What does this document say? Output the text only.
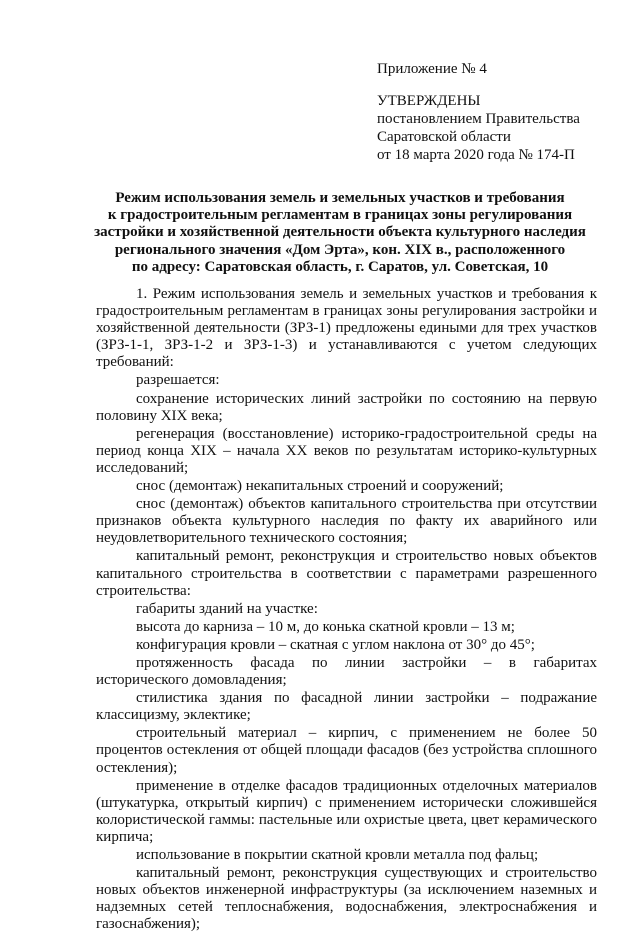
Приложение № 4
УТВЕРЖДЕНЫ
постановлением Правительства
Саратовской области
от 18 марта 2020 года № 174-П
Режим использования земель и земельных участков и требования
к градостроительным регламентам в границах зоны регулирования
застройки и хозяйственной деятельности объекта культурного наследия
регионального значения «Дом Эрта», кон. XIX в., расположенного
по адресу: Саратовская область, г. Саратов, ул. Советская, 10

1. Режим использования земель и земельных участков и требования к градостроительным регламентам в границах зоны регулирования застройки и хозяйственной деятельности (ЗРЗ-1) предложены едиными для трех участков (ЗРЗ-1-1, ЗРЗ-1-2 и ЗРЗ-1-3) и устанавливаются с учетом следующих требований:

разрешается:

сохранение исторических линий застройки по состоянию на первую половину XIX века;

регенерация (восстановление) историко-градостроительной среды на период конца XIX – начала XX веков по результатам историко-культурных исследований;

снос (демонтаж) некапитальных строений и сооружений;

снос (демонтаж) объектов капитального строительства при отсутствии признаков объекта культурного наследия по факту их аварийного или неудовлетворительного технического состояния;

капитальный ремонт, реконструкция и строительство новых объектов капитального строительства в соответствии с параметрами разрешенного строительства:

габариты зданий на участке:

высота до карниза – 10 м, до конька скатной кровли – 13 м;

конфигурация кровли – скатная с углом наклона от 30° до 45°;

протяженность фасада по линии застройки – в габаритах исторического домовладения;

стилистика здания по фасадной линии застройки – подражание классицизму, эклектике;

строительный материал – кирпич, с применением не более 50 процентов остекления от общей площади фасадов (без устройства сплошного остекления);

применение в отделке фасадов традиционных отделочных материалов (штукатурка, открытый кирпич) с применением исторически сложившейся колористической гаммы: пастельные или охристые цвета, цвет керамического кирпича;

использование в покрытии скатной кровли металла под фальц;

капитальный ремонт, реконструкция существующих и строительство новых объектов инженерной инфраструктуры (за исключением наземных и надземных сетей теплоснабжения, водоснабжения, электроснабжения и газоснабжения);
